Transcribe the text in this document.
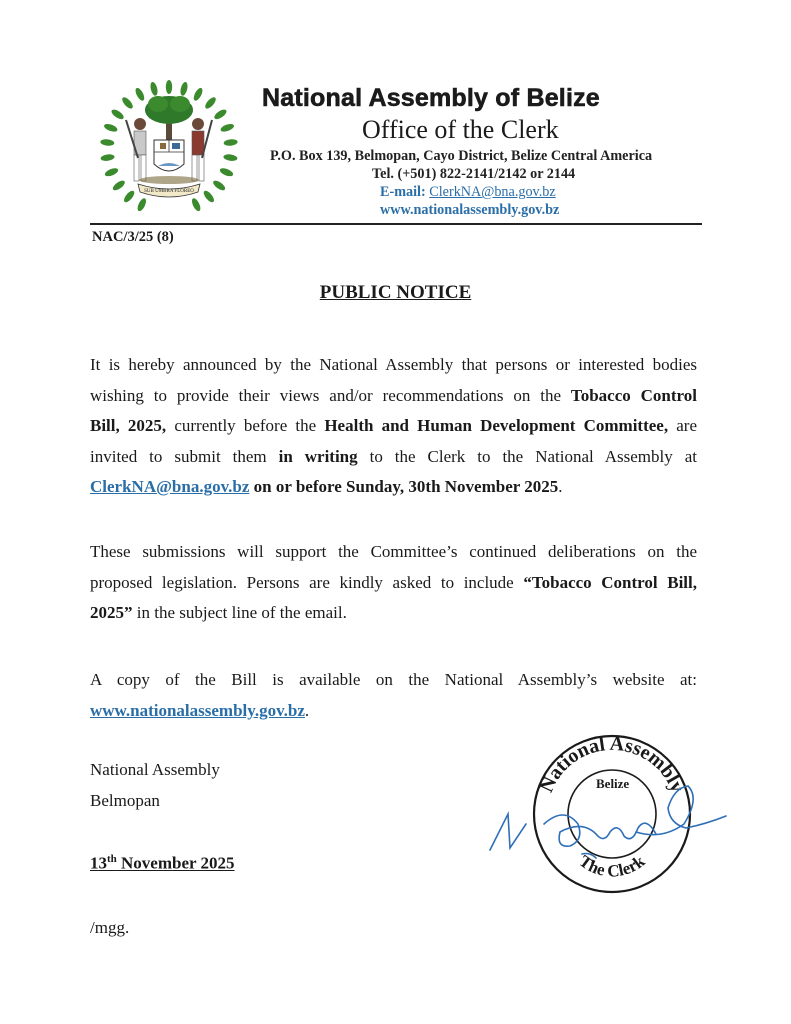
SUB UMBRA FLOREO
National Assembly of Belize
Office of the Clerk
P.O. Box 139, Belmopan, Cayo District, Belize Central America
Tel. (+501) 822-2141/2142 or 2144
E-mail: ClerkNA@bna.gov.bz
www.nationalassembly.gov.bz
NAC/3/25 (8)
PUBLIC NOTICE
It is hereby announced by the National Assembly that persons or interested bodies
wishing to provide their views and/or recommendations on the Tobacco Control
Bill, 2025, currently before the Health and Human Development Committee, are
invited to submit them in writing to the Clerk to the National Assembly at
ClerkNA@bna.gov.bz on or before Sunday, 30th November 2025.
These submissions will support the Committee’s continued deliberations on the
proposed legislation. Persons are kindly asked to include “Tobacco Control Bill,
2025” in the subject line of the email.
A copy of the Bill is available on the National Assembly’s website at:
www.nationalassembly.gov.bz.
National Assembly
Belmopan
13th November 2025
/mgg.
National Assembly
Belize
The Clerk
